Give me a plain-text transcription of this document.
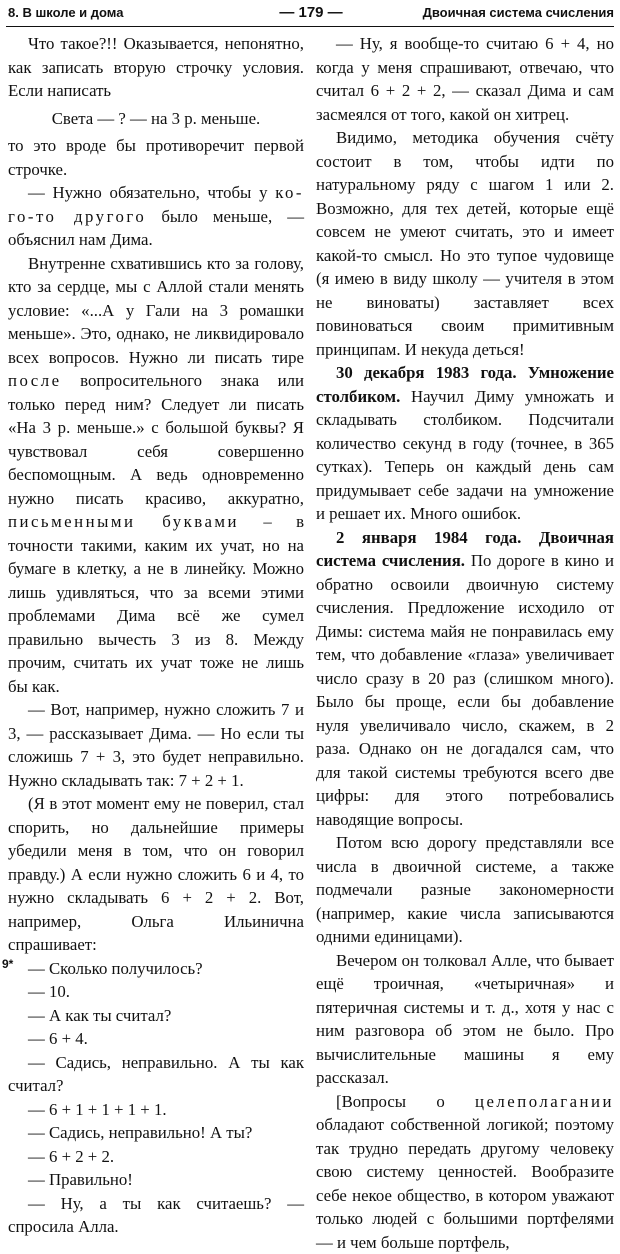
8. В школе и дома	— 179 —	Двоичная система счисления

Что такое?!! Оказывается, непонятно, как записать вторую строчку условия. Если написать

Света — ? — на 3 р. меньше.

то это вроде бы противоречит первой строчке.

— Нужно обязательно, чтобы у ко-го-то другого было меньше, — объяснил нам Дима.

Внутренне схватившись кто за голову, кто за сердце, мы с Аллой стали менять условие: «...А у Гали на 3 ромашки меньше». Это, однако, не ликвидировало всех вопросов. Нужно ли писать тире после вопросительного знака или только перед ним? Следует ли писать «На 3 р. меньше.» с большой буквы? Я чувствовал себя совершенно беспомощным. А ведь одновременно нужно писать красиво, аккуратно, письменными буквами – в точности такими, каким их учат, но на бумаге в клетку, а не в линейку. Можно лишь удивляться, что за всеми этими проблемами Дима всё же сумел правильно вычесть 3 из 8. Между прочим, считать их учат тоже не лишь бы как.

— Вот, например, нужно сложить 7 и 3, — рассказывает Дима. — Но если ты сложишь 7 + 3, это будет неправильно. Нужно складывать так: 7 + 2 + 1.

(Я в этот момент ему не поверил, стал спорить, но дальнейшие примеры убедили меня в том, что он говорил правду.) А если нужно сложить 6 и 4, то нужно складывать 6 + 2 + 2. Вот, например, Ольга Ильинична спрашивает:

— Сколько получилось?

— 10.

— А как ты считал?

— 6 + 4.

— Садись, неправильно. А ты как считал?

— 6 + 1 + 1 + 1 + 1.

— Садись, неправильно! А ты?

— 6 + 2 + 2.

— Правильно!

— Ну, а ты как считаешь? — спросила Алла.

— Ну, я вообще-то считаю 6 + 4, но когда у меня спрашивают, отвечаю, что считал 6 + 2 + 2, — сказал Дима и сам засмеялся от того, какой он хитрец.

Видимо, методика обучения счёту состоит в том, чтобы идти по натуральному ряду с шагом 1 или 2. Возможно, для тех детей, которые ещё совсем не умеют считать, это и имеет какой-то смысл. Но это тупое чудовище (я имею в виду школу — учителя в этом не виноваты) заставляет всех повиноваться своим примитивным принципам. И некуда деться!

30 декабря 1983 года. Умножение столбиком. Научил Диму умножать и складывать столбиком. Подсчитали количество секунд в году (точнее, в 365 сутках). Теперь он каждый день сам придумывает себе задачи на умножение и решает их. Много ошибок.

2 января 1984 года. Двоичная система счисления. По дороге в кино и обратно освоили двоичную систему счисления. Предложение исходило от Димы: система майя не понравилась ему тем, что добавление «глаза» увеличивает число сразу в 20 раз (слишком много). Было бы проще, если бы добавление нуля увеличивало число, скажем, в 2 раза. Однако он не догадался сам, что для такой системы требуются всего две цифры: для этого потребовались наводящие вопросы.

Потом всю дорогу представляли все числа в двоичной системе, а также подмечали разные закономерности (например, какие числа записываются одними единицами).

Вечером он толковал Алле, что бывает ещё троичная, «четыричная» и пятеричная системы и т. д., хотя у нас с ним разговора об этом не было. Про вычислительные машины я ему рассказал.

[Вопросы о целеполагании обладают собственной логикой; поэтому так трудно передать другому человеку свою систему ценностей. Вообразите себе некое общество, в котором уважают только людей с большими портфелями — и чем больше портфель,

9*
